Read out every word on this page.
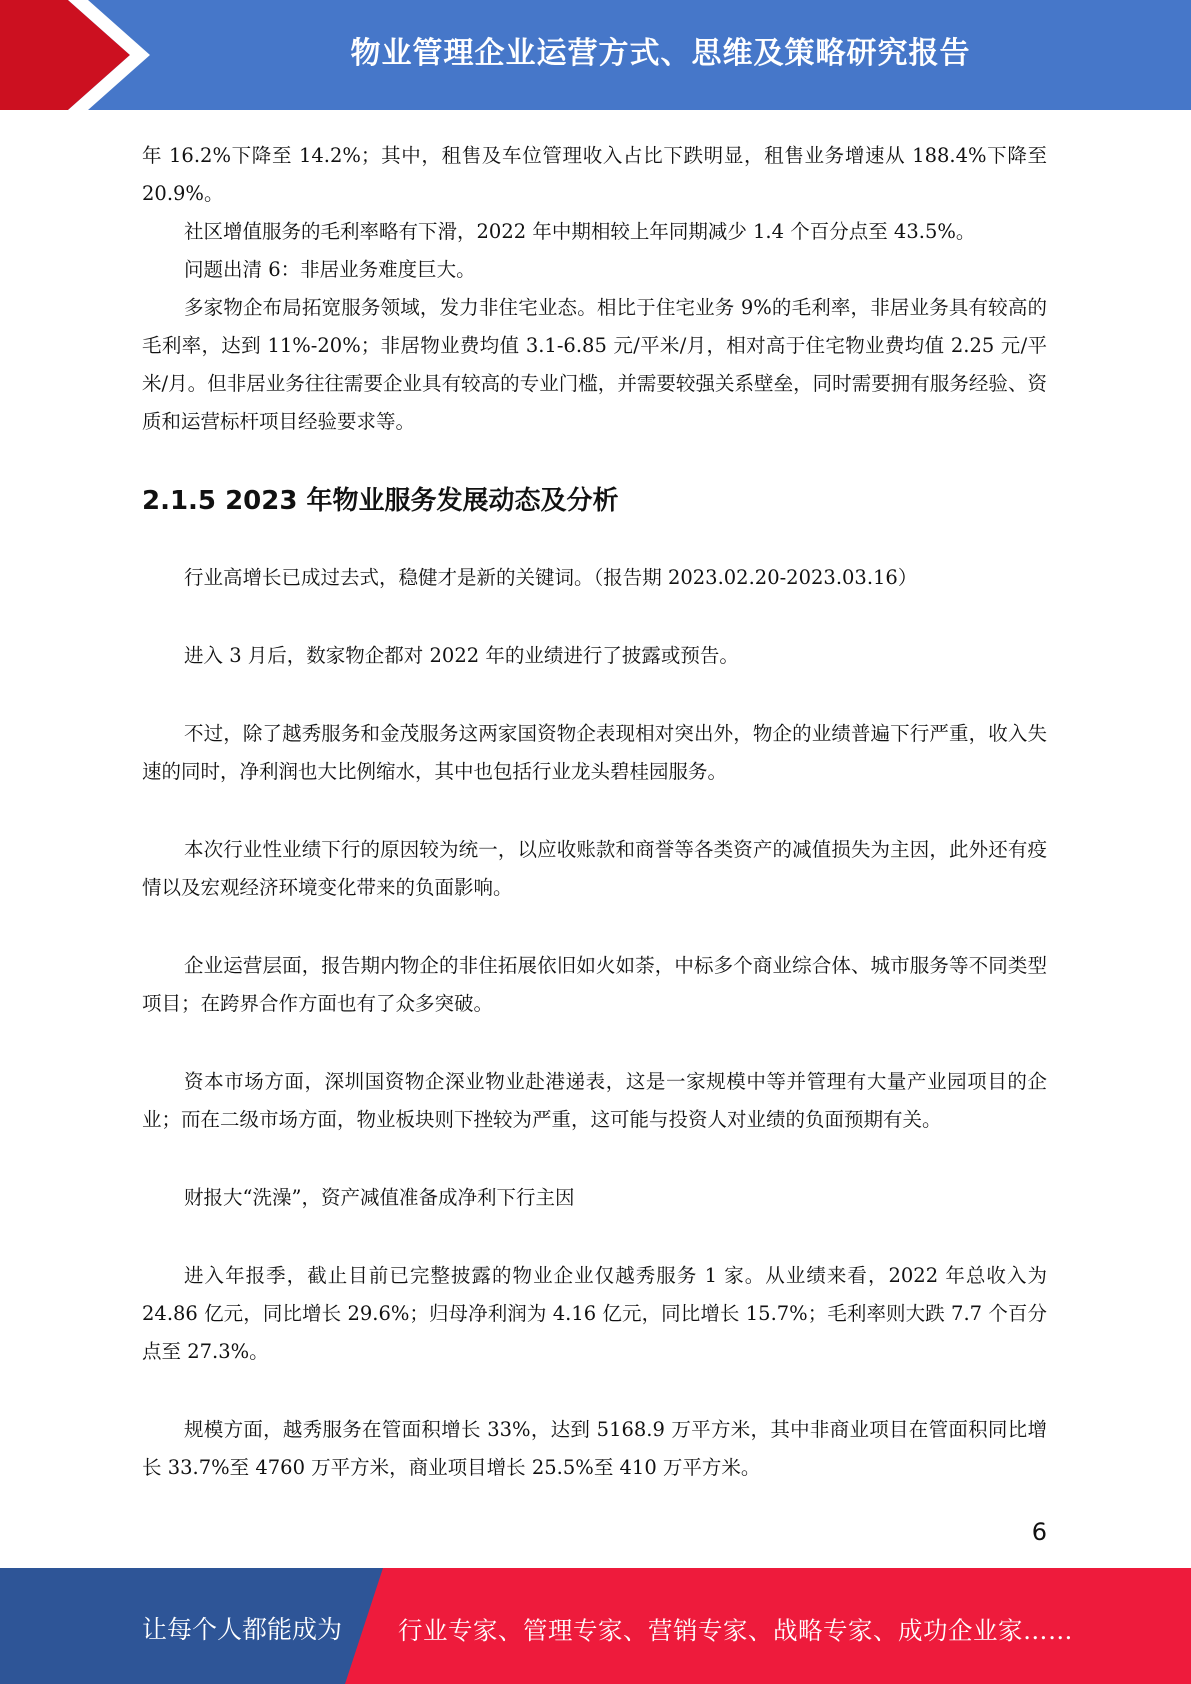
物业管理企业运营方式、思维及策略研究报告

年 16.2%下降至 14.2%；其中，租售及车位管理收入占比下跌明显，租售业务增速从 188.4%下降至 20.9%。

社区增值服务的毛利率略有下滑，2022 年中期相较上年同期减少 1.4 个百分点至 43.5%。

问题出清 6：非居业务难度巨大。

多家物企布局拓宽服务领域，发力非住宅业态。相比于住宅业务 9%的毛利率，非居业务具有较高的毛利率，达到 11%-20%；非居物业费均值 3.1-6.85 元/平米/月，相对高于住宅物业费均值 2.25 元/平米/月。但非居业务往往需要企业具有较高的专业门槛，并需要较强关系壁垒，同时需要拥有服务经验、资质和运营标杆项目经验要求等。

2.1.5 2023 年物业服务发展动态及分析

行业高增长已成过去式，稳健才是新的关键词。（报告期 2023.02.20-2023.03.16）

进入 3 月后，数家物企都对 2022 年的业绩进行了披露或预告。

不过，除了越秀服务和金茂服务这两家国资物企表现相对突出外，物企的业绩普遍下行严重，收入失速的同时，净利润也大比例缩水，其中也包括行业龙头碧桂园服务。

本次行业性业绩下行的原因较为统一，以应收账款和商誉等各类资产的减值损失为主因，此外还有疫情以及宏观经济环境变化带来的负面影响。

企业运营层面，报告期内物企的非住拓展依旧如火如荼，中标多个商业综合体、城市服务等不同类型项目；在跨界合作方面也有了众多突破。

资本市场方面，深圳国资物企深业物业赴港递表，这是一家规模中等并管理有大量产业园项目的企业；而在二级市场方面，物业板块则下挫较为严重，这可能与投资人对业绩的负面预期有关。

财报大“洗澡”，资产减值准备成净利下行主因

进入年报季，截止目前已完整披露的物业企业仅越秀服务 1 家。从业绩来看，2022 年总收入为 24.86 亿元，同比增长 29.6%；归母净利润为 4.16 亿元，同比增长 15.7%；毛利率则大跌 7.7 个百分点至 27.3%。

规模方面，越秀服务在管面积增长 33%，达到 5168.9 万平方米，其中非商业项目在管面积同比增长 33.7%至 4760 万平方米，商业项目增长 25.5%至 410 万平方米。

6
让每个人都能成为 行业专家、管理专家、营销专家、战略专家、成功企业家……
